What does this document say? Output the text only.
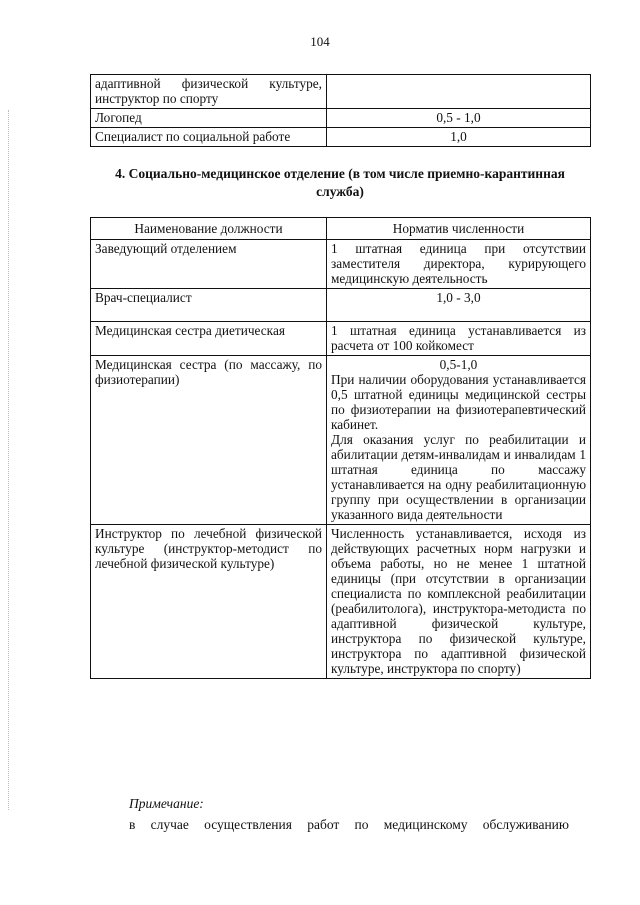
104
адаптивной физической культуре, инструктор по спорту	
Логопед	0,5 - 1,0
Специалист по социальной работе	1,0
4. Социально-медицинское отделение (в том числе приемно-карантинная служба)
Наименование должности	Норматив численности
Заведующий отделением	1 штатная единица при отсутствии заместителя директора, курирующего медицинскую деятельность
Врач-специалист	1,0 - 3,0
Медицинская сестра диетическая	1 штатная единица устанавливается из расчета от 100 койкомест
Медицинская сестра (по массажу, по физиотерапии)	0,5-1,0
При наличии оборудования устанавливается 0,5 штатной единицы медицинской сестры по физиотерапии на физиотерапевтический кабинет.
Для оказания услуг по реабилитации и абилитации детям-инвалидам и инвалидам 1 штатная единица по массажу устанавливается на одну реабилитационную группу при осуществлении в организации указанного вида деятельности

Инструктор по лечебной физической культуре (инструктор-методист по лечебной физической культуре)	Численность устанавливается, исходя из действующих расчетных норм нагрузки и объема работы, но не менее 1 штатной единицы (при отсутствии в организации специалиста по комплексной реабилитации (реабилитолога), инструктора-методиста по адаптивной физической культуре, инструктора по физической культуре, инструктора по адаптивной физической культуре, инструктора по спорту)
Примечание:
в случае осуществления работ по медицинскому обслуживанию
